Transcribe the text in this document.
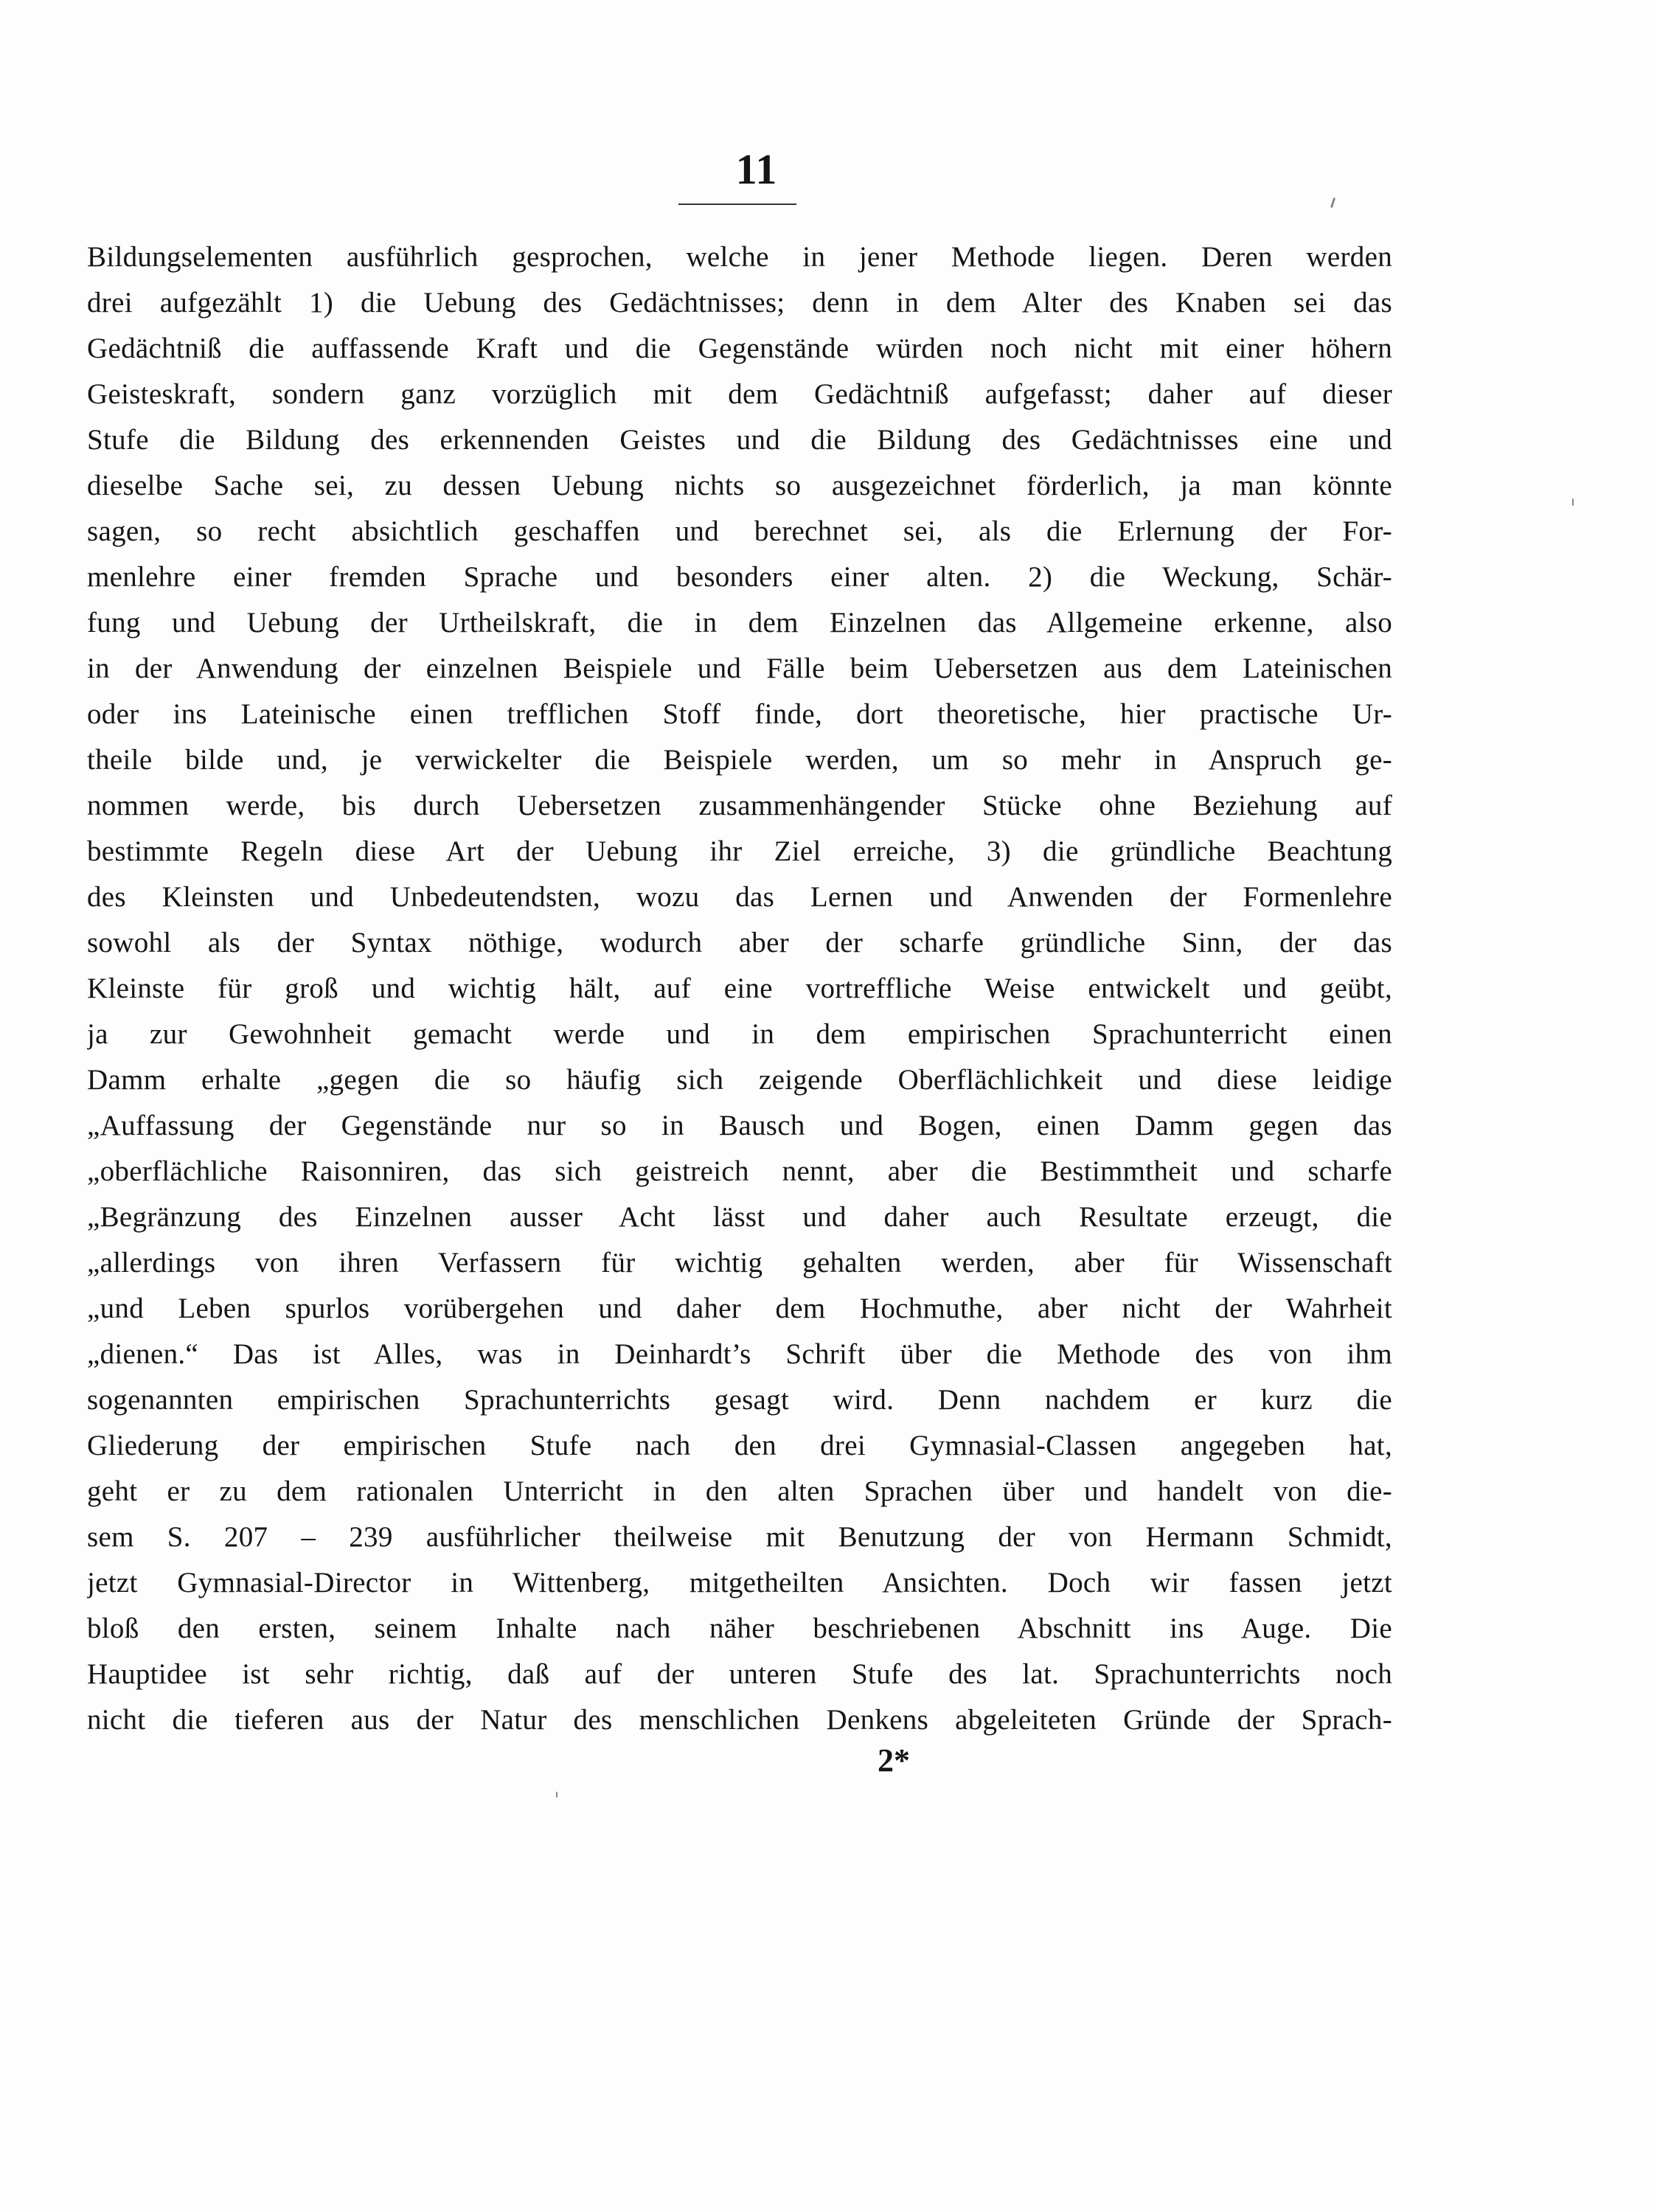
11
Bildungselementen ausführlich gesprochen, welche in jener Methode liegen. Deren werden
drei aufgezählt 1) die Uebung des Gedächtnisses; denn in dem Alter des Knaben sei das
Gedächtniß die auffassende Kraft und die Gegenstände würden noch nicht mit einer höhern
Geisteskraft, sondern ganz vorzüglich mit dem Gedächtniß aufgefasst; daher auf dieser
Stufe die Bildung des erkennenden Geistes und die Bildung des Gedächtnisses eine und
dieselbe Sache sei, zu dessen Uebung nichts so ausgezeichnet förderlich, ja man könnte
sagen, so recht absichtlich geschaffen und berechnet sei, als die Erlernung der For-
menlehre einer fremden Sprache und besonders einer alten. 2) die Weckung, Schär-
fung und Uebung der Urtheilskraft, die in dem Einzelnen das Allgemeine erkenne, also
in der Anwendung der einzelnen Beispiele und Fälle beim Uebersetzen aus dem Lateinischen
oder ins Lateinische einen trefflichen Stoff finde, dort theoretische, hier practische Ur-
theile bilde und, je verwickelter die Beispiele werden, um so mehr in Anspruch ge-
nommen werde, bis durch Uebersetzen zusammenhängender Stücke ohne Beziehung auf
bestimmte Regeln diese Art der Uebung ihr Ziel erreiche, 3) die gründliche Beachtung
des Kleinsten und Unbedeutendsten, wozu das Lernen und Anwenden der Formenlehre
sowohl als der Syntax nöthige, wodurch aber der scharfe gründliche Sinn, der das
Kleinste für groß und wichtig hält, auf eine vortreffliche Weise entwickelt und geübt,
ja zur Gewohnheit gemacht werde und in dem empirischen Sprachunterricht einen
Damm erhalte „gegen die so häufig sich zeigende Oberflächlichkeit und diese leidige
„Auffassung der Gegenstände nur so in Bausch und Bogen, einen Damm gegen das
„oberflächliche Raisonniren, das sich geistreich nennt, aber die Bestimmtheit und scharfe
„Begränzung des Einzelnen ausser Acht lässt und daher auch Resultate erzeugt, die
„allerdings von ihren Verfassern für wichtig gehalten werden, aber für Wissenschaft
„und Leben spurlos vorübergehen und daher dem Hochmuthe, aber nicht der Wahrheit
„dienen.“ Das ist Alles, was in Deinhardt’s Schrift über die Methode des von ihm
sogenannten empirischen Sprachunterrichts gesagt wird. Denn nachdem er kurz die
Gliederung der empirischen Stufe nach den drei Gymnasial-Classen angegeben hat,
geht er zu dem rationalen Unterricht in den alten Sprachen über und handelt von die-
sem S. 207 – 239 ausführlicher theilweise mit Benutzung der von Hermann Schmidt,
jetzt Gymnasial-Director in Wittenberg, mitgetheilten Ansichten. Doch wir fassen jetzt
bloß den ersten, seinem Inhalte nach näher beschriebenen Abschnitt ins Auge. Die
Hauptidee ist sehr richtig, daß auf der unteren Stufe des lat. Sprachunterrichts noch
nicht die tieferen aus der Natur des menschlichen Denkens abgeleiteten Gründe der Sprach-
2*
